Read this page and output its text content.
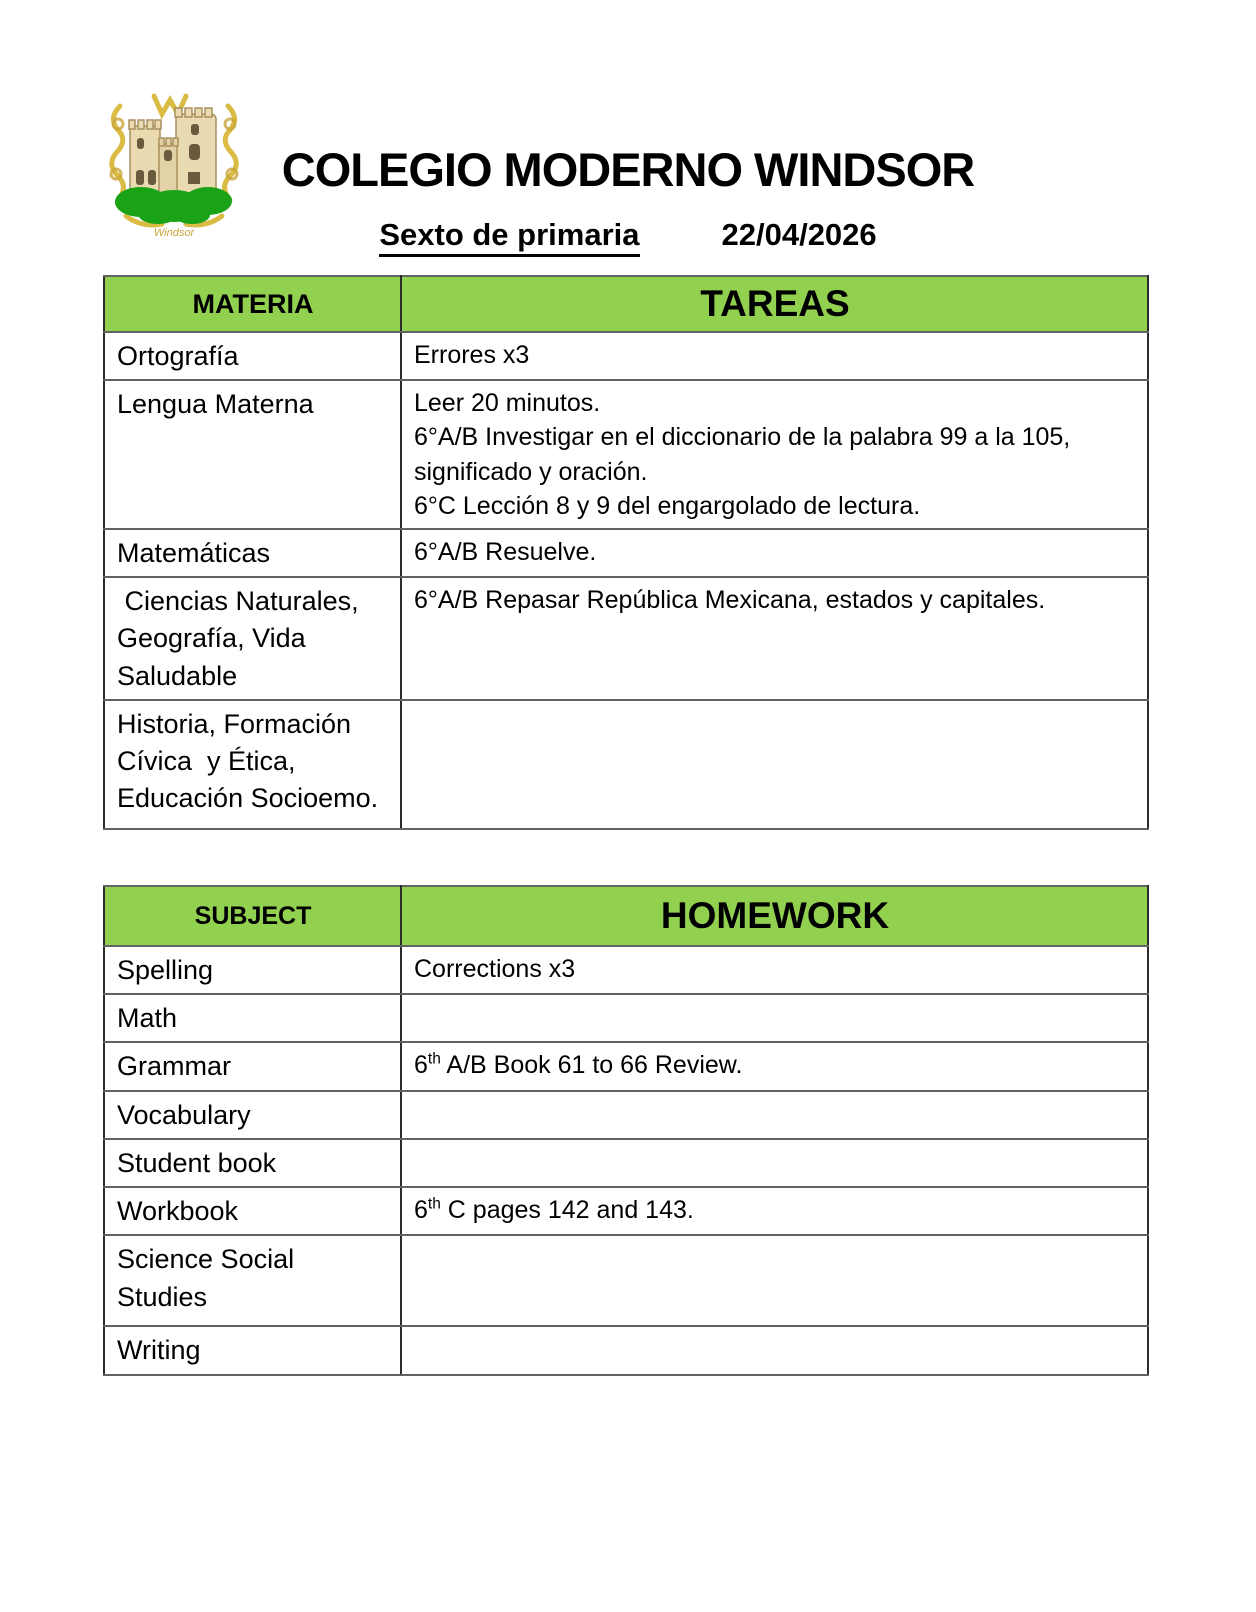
Windsor
COLEGIO MODERNO WINDSOR
Sexto de primaria	22/04/2026
MATERIA	TAREAS
Ortografía	Errores x3
Lengua Materna	Leer 20 minutos.
6°A/B Investigar en el diccionario de la palabra 99 a la 105, significado y oración.
6°C Lección 8 y 9 del engargolado de lectura.

Matemáticas	6°A/B Resuelve.

Ciencias Naturales,
Geografía, Vida
Saludable	6°A/B Repasar República Mexicana, estados y capitales.

Historia, Formación
Cívica  y Ética,
Educación Socioemo.	

SUBJECT	HOMEWORK
Spelling	Corrections x3
Math	
Grammar	6th A/B Book 61 to 66 Review.
Vocabulary	
Student book	
Workbook	6th C pages 142 and 143.

Science Social
Studies	

Writing	
